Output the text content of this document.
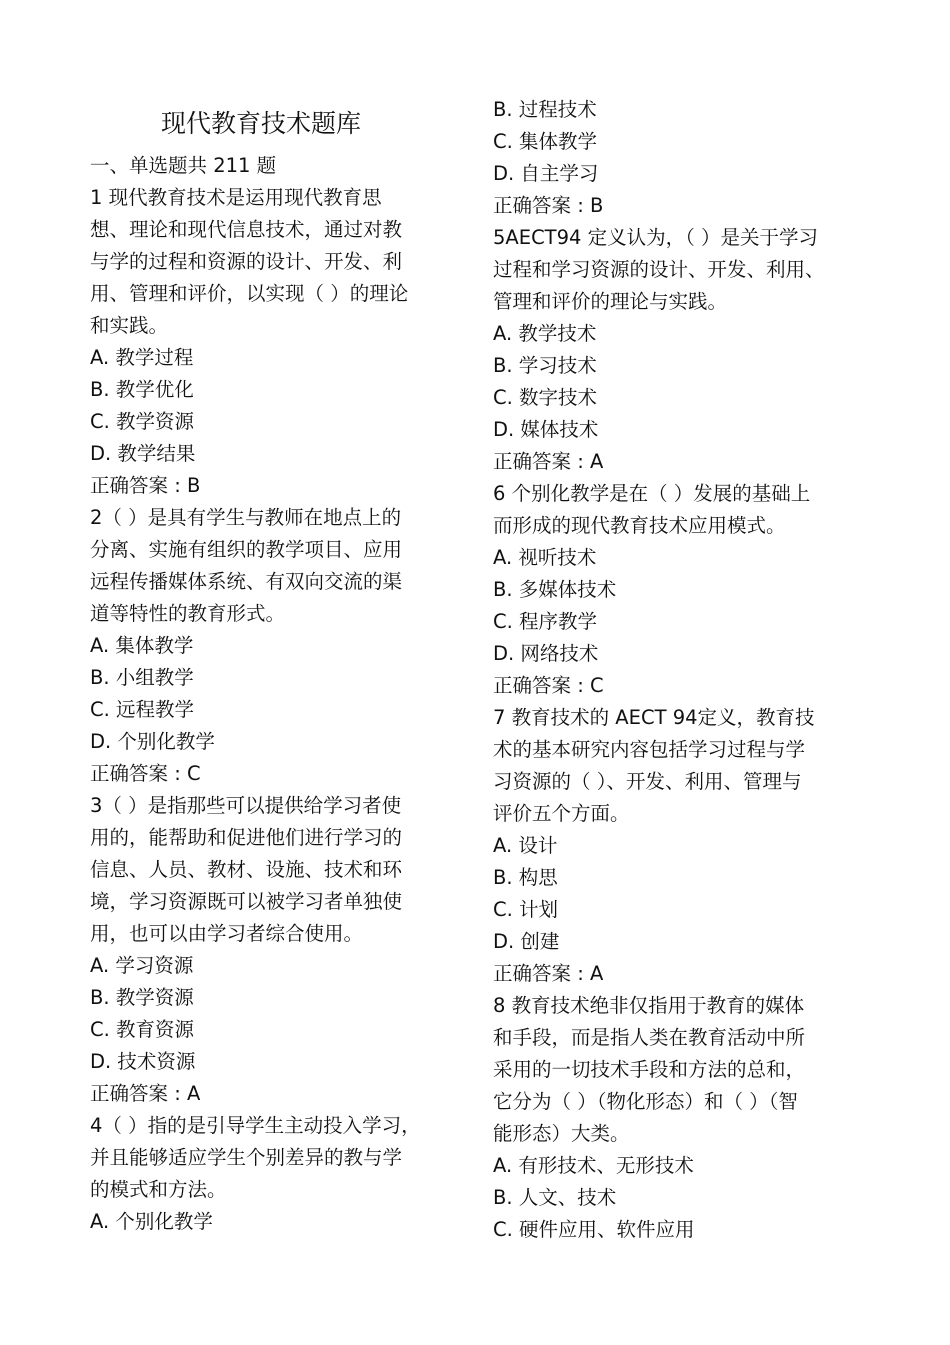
现代教育技术题库
一、单选题共 211 题
1 现代教育技术是运用现代教育思
想、理论和现代信息技术，通过对教
与学的过程和资源的设计、开发、利
用、管理和评价，以实现（ ）的理论
和实践。
A. 教学过程
B. 教学优化
C. 教学资源
D. 教学结果
正确答案 : B
2（ ）是具有学生与教师在地点上的
分离、实施有组织的教学项目、应用
远程传播媒体系统、有双向交流的渠
道等特性的教育形式。
A. 集体教学
B. 小组教学
C. 远程教学
D. 个别化教学
正确答案 : C
3（ ）是指那些可以提供给学习者使
用的，能帮助和促进他们进行学习的
信息、人员、教材、设施、技术和环
境，学习资源既可以被学习者单独使
用，也可以由学习者综合使用。
A. 学习资源
B. 教学资源
C. 教育资源
D. 技术资源
正确答案 : A
4（ ）指的是引导学生主动投入学习，
并且能够适应学生个别差异的教与学
的模式和方法。
A. 个别化教学
B. 过程技术
C. 集体教学
D. 自主学习
正确答案 : B
5AECT94 定义认为，（ ）是关于学习
过程和学习资源的设计、开发、利用、
管理和评价的理论与实践。
A. 教学技术
B. 学习技术
C. 数字技术
D. 媒体技术
正确答案 : A
6 个别化教学是在（ ）发展的基础上
而形成的现代教育技术应用模式。
A. 视听技术
B. 多媒体技术
C. 程序教学
D. 网络技术
正确答案 : C
7 教育技术的 AECT 94定义，教育技
术的基本研究内容包括学习过程与学
习资源的（ ）、开发、利用、管理与
评价五个方面。
A. 设计
B. 构思
C. 计划
D. 创建
正确答案 : A
8 教育技术绝非仅指用于教育的媒体
和手段，而是指人类在教育活动中所
采用的一切技术手段和方法的总和，
它分为（ ）（物化形态）和（ ）（智
能形态）大类。
A. 有形技术、无形技术
B. 人文、技术
C. 硬件应用、软件应用
